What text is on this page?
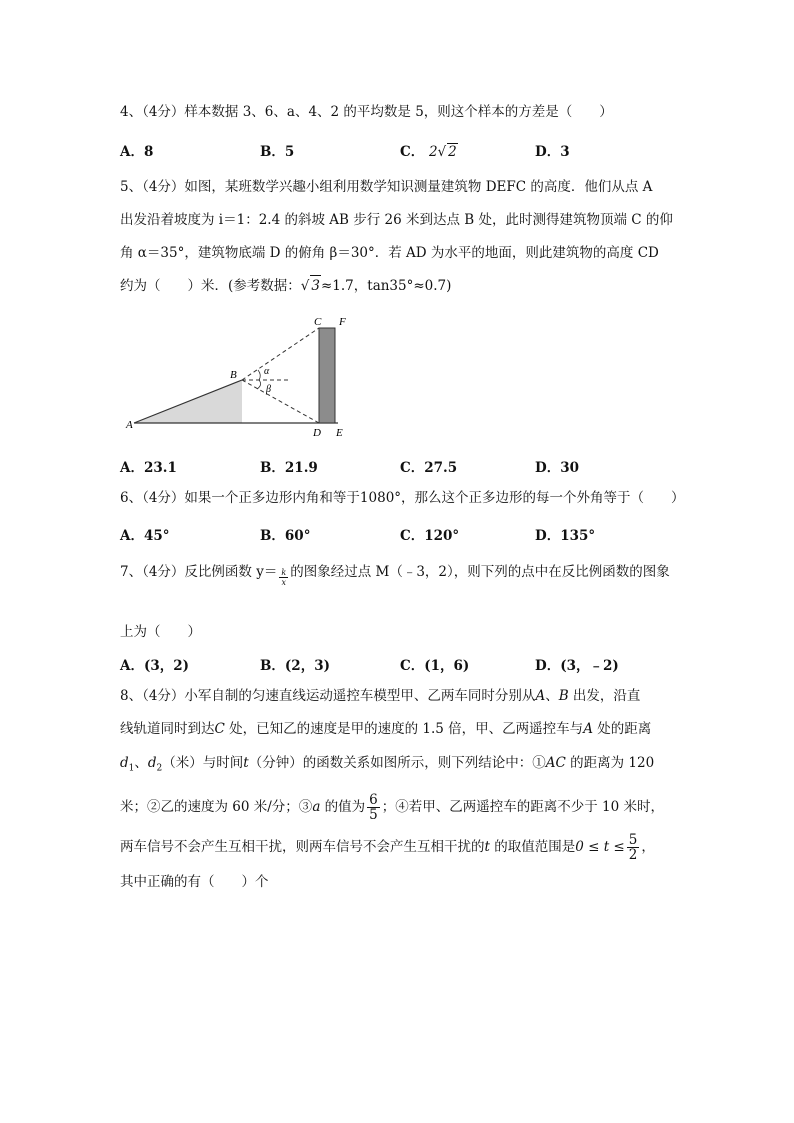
4、（4分）样本数据 3、6、a、4、2 的平均数是 5，则这个样本的方差是（　　）
A．8	B．5	C． 2√ 2	D．3
5、（4分）如图，某班数学兴趣小组利用数学知识测量建筑物 DEFC 的高度．他们从点 A
出发沿着坡度为 i＝1：2.4 的斜坡 AB 步行 26 米到达点 B 处，此时测得建筑物顶端 C 的仰
角 α＝35°，建筑物底端 D 的俯角 β＝30°．若 AD 为水平的地面，则此建筑物的高度 CD
约为（　　）米．(参考数据：√ 3≈1.7，tan35°≈0.7)
A
B
C F
D E
α
β
A．23.1	B．21.9	C．27.5	D．30
6、（4分）如果一个正多边形内角和等于1080°，那么这个正多边形的每一个外角等于（　　）
A．45°	B．60°	C．120°	D．135°
7、（4分）反比例函数 $y= \frac{k}{x}$ 的图象经过点 M（﹣3，2），则下列的点中在反比例函数的图象
上为（　　）
A．(3，2)	B．(2，3)	C．(1，6)	D．(3，﹣2)
8、（4分）小军自制的匀速直线运动遥控车模型甲、乙两车同时分别从A、B 出发，沿直
线轨道同时到达C 处，已知乙的速度是甲的速度的 1.5 倍，甲、乙两遥控车与A 处的距离
$d_1$、$d_2$（米）与时间t（分钟）的函数关系如图所示，则下列结论中：①AC 的距离为 120
米；②乙的速度为 60 米/分；③a 的值为 $\frac{6}{5}$ ；④若甲、乙两遥控车的距离不少于 10 米时，
两车信号不会产生互相干扰，则两车信号不会产生互相干扰的t 的取值范围是$0 \le t \le \frac{5}{2}$ ，
其中正确的有（　　）个
